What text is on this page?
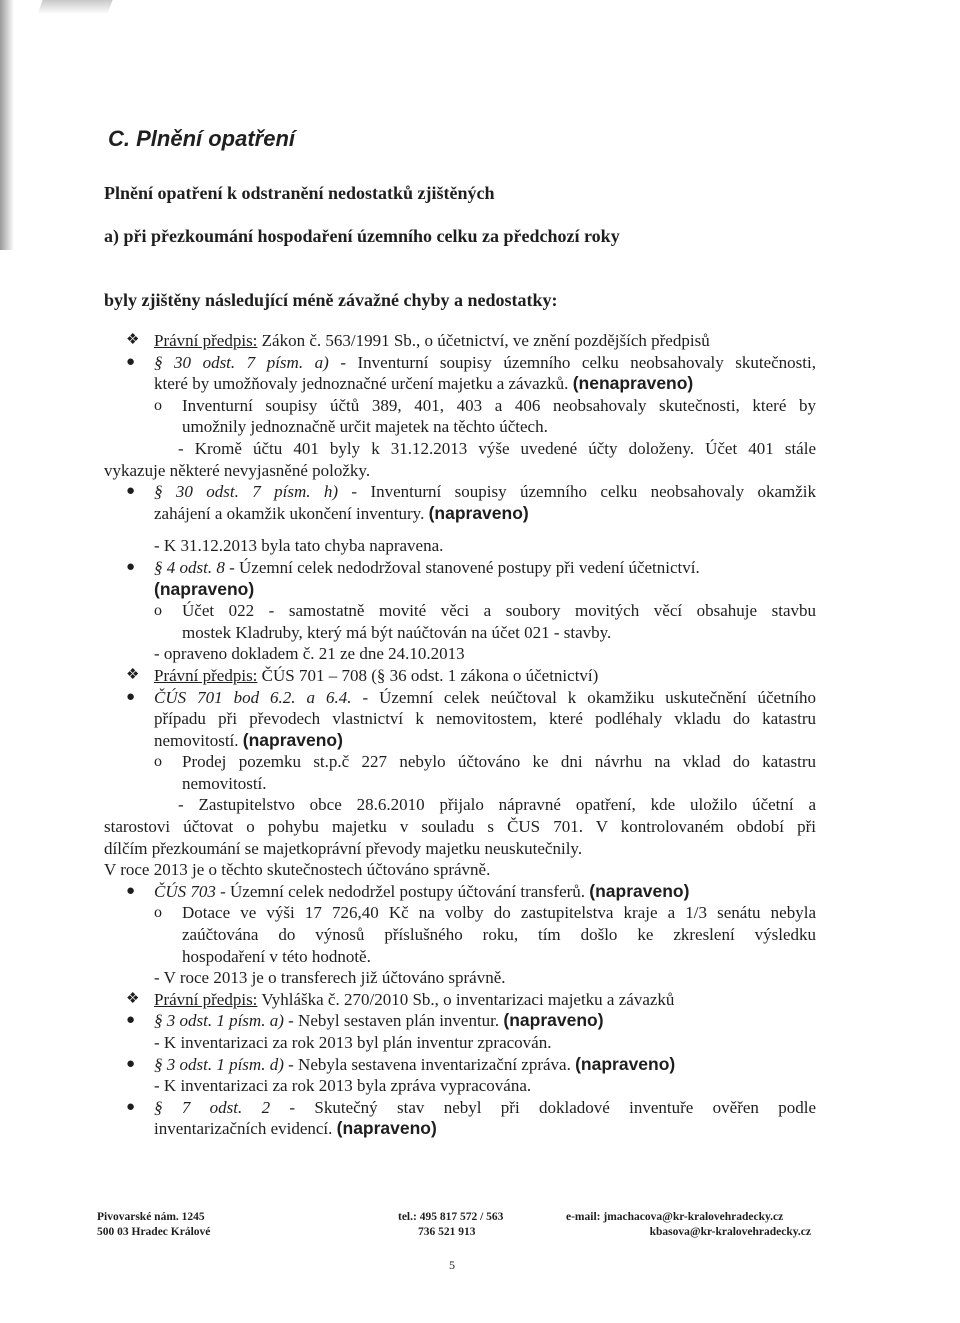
C. Plnění opatření
Plnění opatření k odstranění nedostatků zjištěných
a) při přezkoumání hospodaření územního celku za předchozí roky
byly zjištěny následující méně závažné chyby a nedostatky:
❖ Právní předpis: Zákon č. 563/1991 Sb., o účetnictví, ve znění pozdějších předpisů
● § 30 odst. 7 písm. a) - Inventurní soupisy územního celku neobsahovaly skutečnosti,
které by umožňovaly jednoznačné určení majetku a závazků. (nenapraveno)
o Inventurní soupisy účtů 389, 401, 403 a 406 neobsahovaly skutečnosti, které by
umožnily jednoznačně určit majetek na těchto účtech.
- Kromě účtu 401 byly k 31.12.2013 výše uvedené účty doloženy. Účet 401 stále
vykazuje některé nevyjasněné položky.
● § 30 odst. 7 písm. h) - Inventurní soupisy územního celku neobsahovaly okamžik
zahájení a okamžik ukončení inventury. (napraveno)
- K 31.12.2013 byla tato chyba napravena.
● § 4 odst. 8 - Územní celek nedodržoval stanovené postupy při vedení účetnictví.
(napraveno)
o Účet 022 - samostatně movité věci a soubory movitých věcí obsahuje stavbu
mostek Kladruby, který má být naúčtován na účet 021 - stavby.
- opraveno dokladem č. 21 ze dne 24.10.2013
❖ Právní předpis: ČÚS 701 – 708 (§ 36 odst. 1 zákona o účetnictví)
● ČÚS 701 bod 6.2. a 6.4. - Územní celek neúčtoval k okamžiku uskutečnění účetního
případu při převodech vlastnictví k nemovitostem, které podléhaly vkladu do katastru
nemovitostí. (napraveno)
o Prodej pozemku st.p.č 227 nebylo účtováno ke dni návrhu na vklad do katastru
nemovitostí.
- Zastupitelstvo obce 28.6.2010 přijalo nápravné opatření, kde uložilo účetní a
starostovi účtovat o pohybu majetku v souladu s ČUS 701. V kontrolovaném období při
dílčím přezkoumání se majetkoprávní převody majetku neuskutečnily.
V roce 2013 je o těchto skutečnostech účtováno správně.
● ČÚS 703 - Územní celek nedodržel postupy účtování transferů. (napraveno)
o Dotace ve výši 17 726,40 Kč na volby do zastupitelstva kraje a 1/3 senátu nebyla
zaúčtována do výnosů příslušného roku, tím došlo ke zkreslení výsledku
hospodaření v této hodnotě.
- V roce 2013 je o transferech již účtováno správně.
❖ Právní předpis: Vyhláška č. 270/2010 Sb., o inventarizaci majetku a závazků
● § 3 odst. 1 písm. a) - Nebyl sestaven plán inventur. (napraveno)
- K inventarizaci za rok 2013 byl plán inventur zpracován.
● § 3 odst. 1 písm. d) - Nebyla sestavena inventarizační zpráva. (napraveno)
- K inventarizaci za rok 2013 byla zpráva vypracována.
● § 7 odst. 2 - Skutečný stav nebyl při dokladové inventuře ověřen podle
inventarizačních evidencí. (napraveno)
Pivovarské nám. 1245
500 03 Hradec Králové
tel.: 495 817 572 / 563
736 521 913
e-mail: jmachacova@kr-kralovehradecky.cz
kbasova@kr-kralovehradecky.cz
5
